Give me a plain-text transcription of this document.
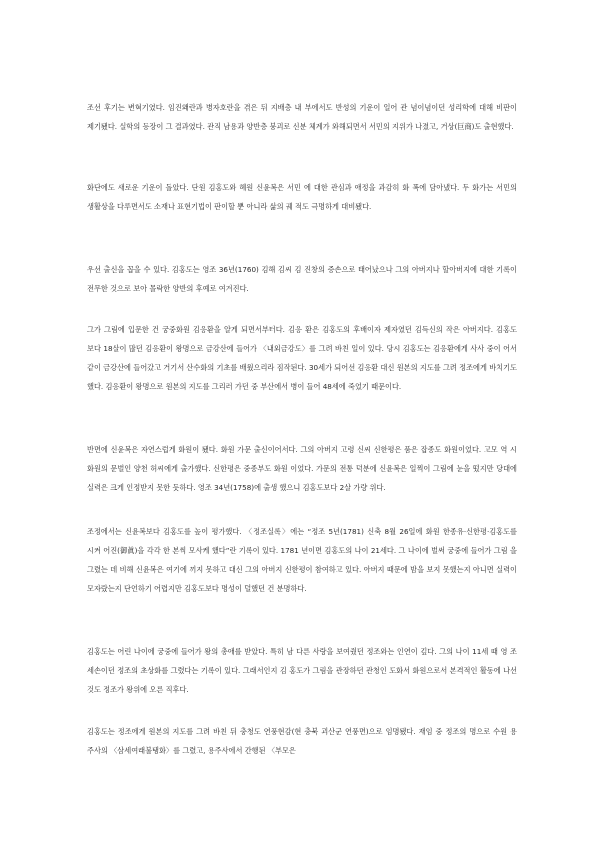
조선 후기는 변혁기였다. 임진왜란과 병자호란을 겪은 뒤 지배층 내 부에서도 반성의 기운이 일어 관 념이념이던 성리학에 대해 비판이 제기됐다. 실학의 등장이 그 결과였다. 관직 남용과 양반층 붕괴로 신분 체계가 와해되면서 서민의 지위가 나졌고, 거상(巨商)도 출현했다.

화단에도 새로운 기운이 돌았다. 단원 김홍도와 혜원 신윤복은 서민 에 대한 관심과 애정을 과감히 화 폭에 담아냈다. 두 화가는 서민의 생활상을 다루면서도 소재나 표현기법이 판이할 뿐 아니라 삶의 궤 적도 극명하게 대비됐다.

우선 출신을 꼽을 수 있다. 김홍도는 영조 36년(1760) 김해 김씨 김 진창의 증손으로 태어났으나 그의 아버지나 할아버지에 대한 기록이 전무한 것으로 보아 몰락한 양반의 후예로 여겨진다.

그가 그림에 입문한 건 궁중화원 김응환을 알게 되면서부터다. 김응 환은 김홍도의 후배이자 제자였던 김득신의 작은 아버지다. 김홍도 보다 18살이 많던 김응환이 왕명으로 금강산에 들어가 〈내외금강도〉를 그려 바친 일이 있다. 당시 김홍도는 김응환에게 사사 중이 어서 같이 금강산에 들어갔고 거기서 산수화의 기초를 배웠으리라 짐작된다. 30세가 되어선 김응환 대신 원본의 지도를 그려 정조에게 바치기도 했다. 김응환이 왕명으로 원본의 지도를 그리러 가던 중 부산에서 병이 들어 48세에 죽었기 때문이다.

반면에 신윤복은 자연스럽게 화원이 됐다. 화원 가문 출신이어서다. 그의 아버지 고령 신씨 신한평은 품은 잡종도 화원이었다. 고모 역 시 화원의 문벌인 양천 허씨에게 출가했다. 신한평은 중종부도 화원 이었다. 가문의 전통 덕분에 신윤복은 일찍이 그림에 눈을 떴지만 당대에 실력은 크게 인정받지 못한 듯하다. 영조 34년(1758)에 출생 했으니 김홍도보다 2살 가량 위다.

조정에서는 신윤복보다 김홍도를 높이 평가했다. 〈정조실록〉에는 “정조 5년(1781) 신축 8월 26일에 화원 한종유·신한평·김홍도를 시켜 어진(御眞)을 각각 한 본씩 모사케 했다”란 기록이 있다. 1781 년이면 김홍도의 나이 21세다. 그 나이에 벌써 궁중에 들어가 그림 을 그렸는 데 비해 신윤복은 여기에 끼지 못하고 대신 그의 아버지 신한평이 참여하고 있다. 아버지 때문에 밤을 보지 못했는지 아니면 실력이 모자랐는지 단언하기 어렵지만 김홍도보다 명성이 덜했던 건 분명하다.

김홍도는 어린 나이에 궁중에 들어가 왕의 총애를 받았다. 특히 남 다른 사랑을 보여줬던 정조와는 인연이 깊다. 그의 나이 11세 때 영 조 세손이던 정조의 초상화를 그렸다는 기록이 있다. 그래서인지 김 홍도가 그림을 관장하던 관청인 도화서 화원으로서 본격적인 활동에 나선 것도 정조가 왕위에 오른 직후다.

김홍도는 정조에게 원본의 지도를 그려 바친 뒤 충청도 연풍현감(현 충북 괴산군 연풍면)으로 임명됐다. 재임 중 정조의 명으로 수원 용 주사의 〈삼세여래불탱화〉를 그렸고, 용주사에서 간행된 〈부모은
